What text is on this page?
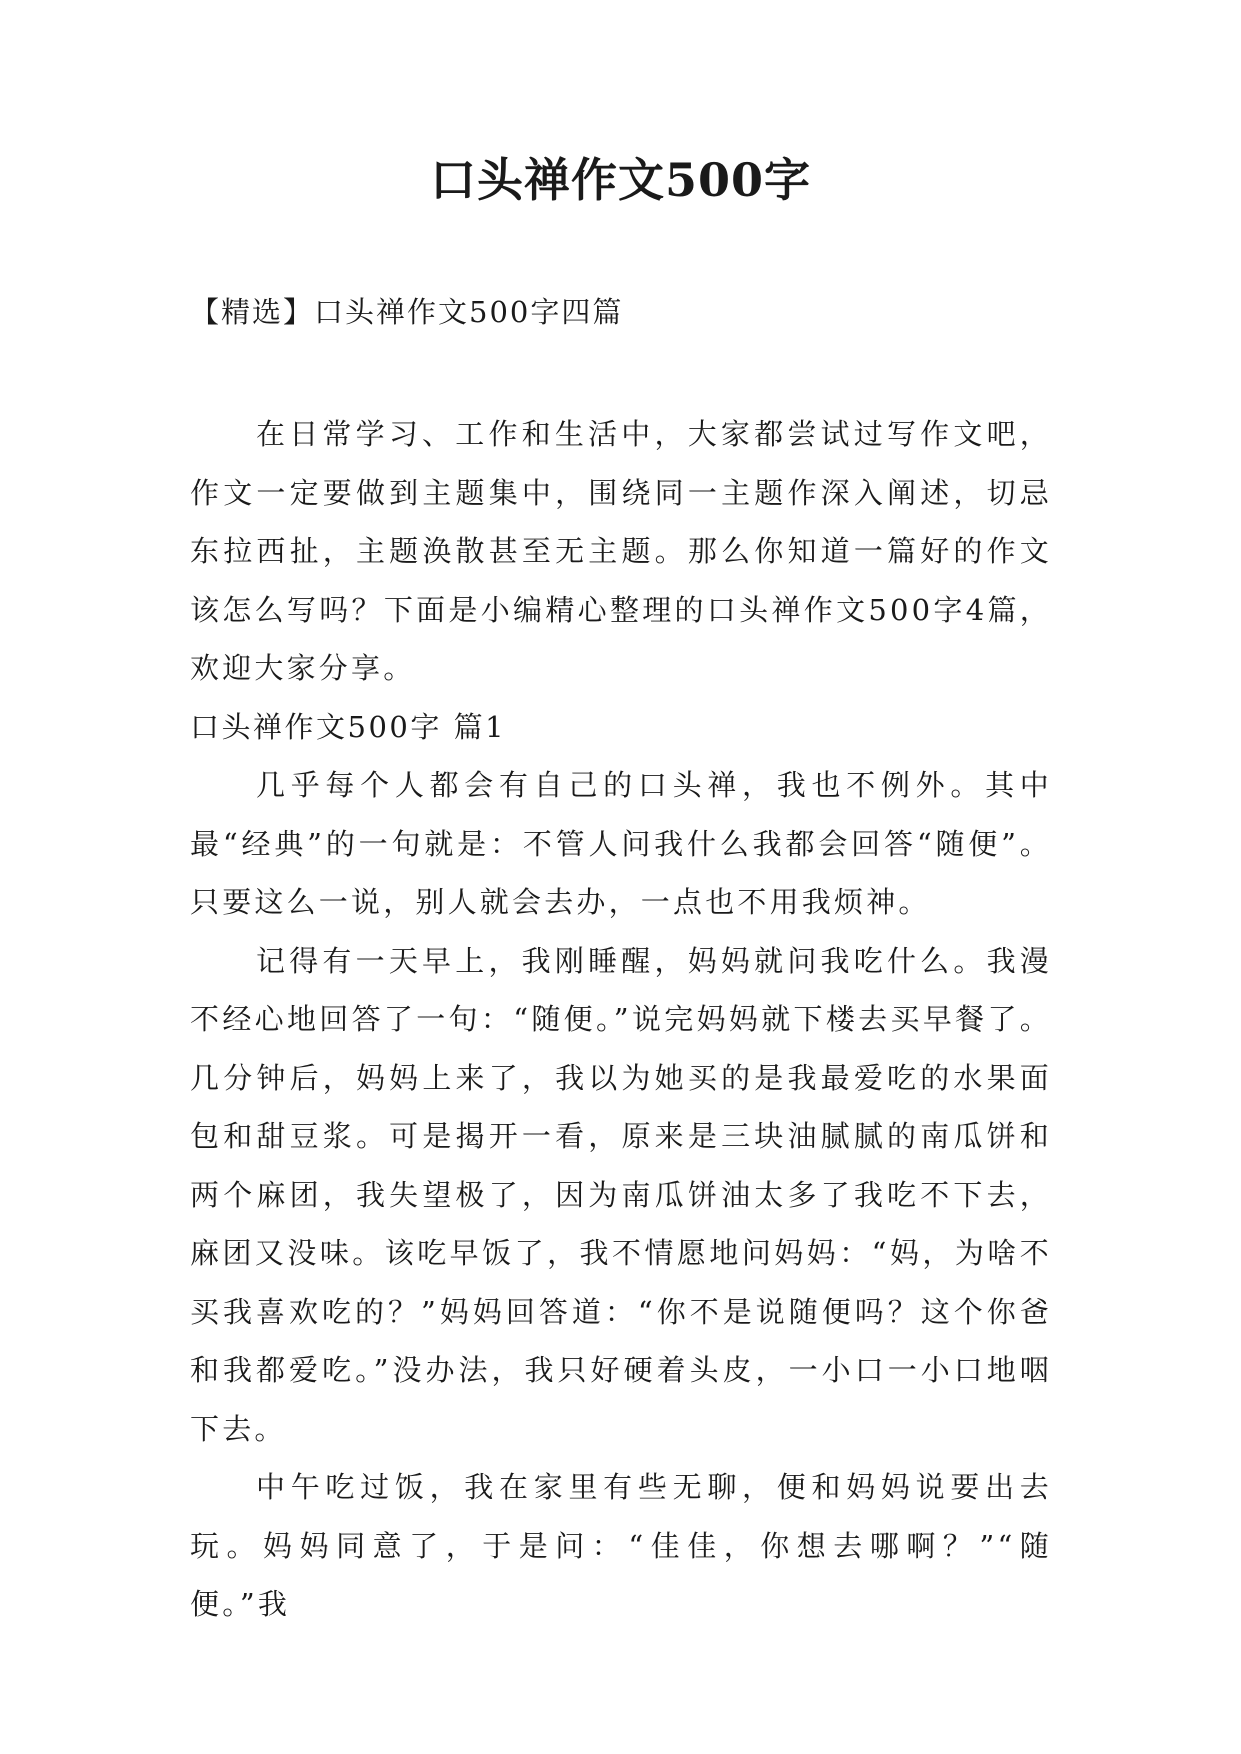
口头禅作文500字

【精选】口头禅作文500字四篇

在日常学习、工作和生活中，大家都尝试过写作文吧，作文一定要做到主题集中，围绕同一主题作深入阐述，切忌东拉西扯，主题涣散甚至无主题。那么你知道一篇好的作文该怎么写吗？下面是小编精心整理的口头禅作文500字4篇，欢迎大家分享。

口头禅作文500字 篇1

几乎每个人都会有自己的口头禅，我也不例外。其中最“经典”的一句就是：不管人问我什么我都会回答“随便”。只要这么一说，别人就会去办，一点也不用我烦神。

记得有一天早上，我刚睡醒，妈妈就问我吃什么。我漫不经心地回答了一句：“随便。”说完妈妈就下楼去买早餐了。几分钟后，妈妈上来了，我以为她买的是我最爱吃的水果面包和甜豆浆。可是揭开一看，原来是三块油腻腻的南瓜饼和两个麻团，我失望极了，因为南瓜饼油太多了我吃不下去，麻团又没味。该吃早饭了，我不情愿地问妈妈：“妈，为啥不买我喜欢吃的？”妈妈回答道：“你不是说随便吗？这个你爸和我都爱吃。”没办法，我只好硬着头皮，一小口一小口地咽下去。

中午吃过饭，我在家里有些无聊，便和妈妈说要出去玩。妈妈同意了，于是问：“佳佳，你想去哪啊？”“随便。”我
